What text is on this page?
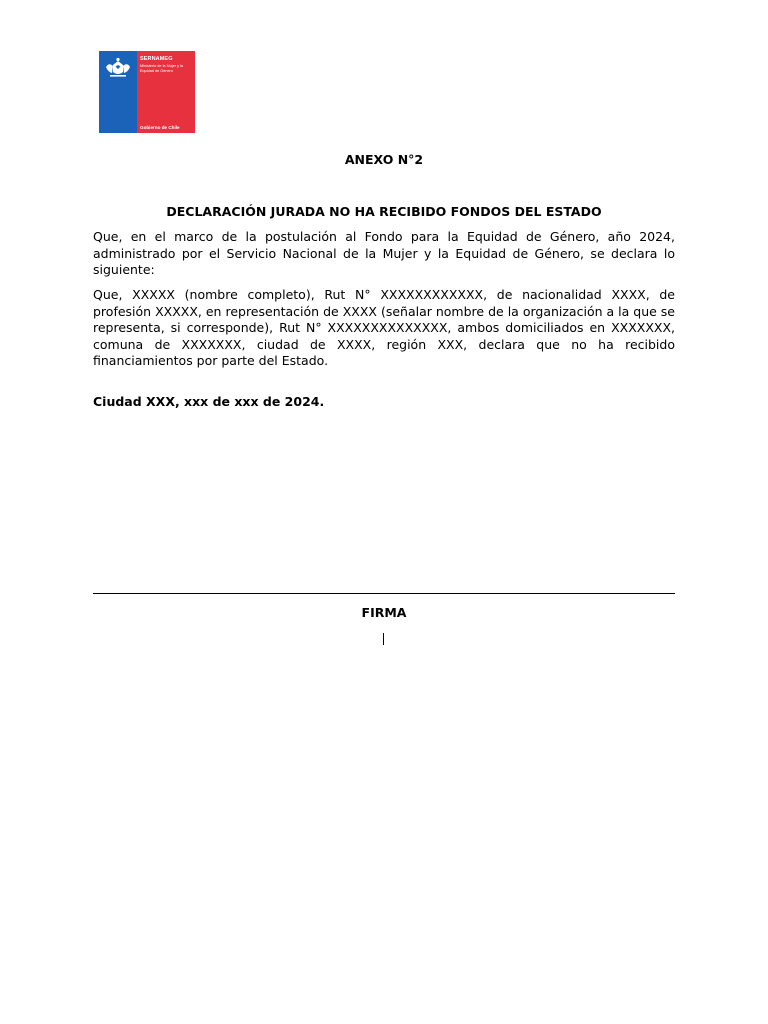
SERNAMEG
Ministerio de la Mujer y la Equidad de Género
Gobierno de Chile
ANEXO N°2
DECLARACIÓN JURADA NO HA RECIBIDO FONDOS DEL ESTADO
Que, en el marco de la postulación al Fondo para la Equidad de Género, año 2024, administrado por el Servicio Nacional de la Mujer y la Equidad de Género, se declara lo siguiente:
Que, XXXXX (nombre completo), Rut N° XXXXXXXXXXXX, de nacionalidad XXXX, de profesión XXXXX, en representación de XXXX (señalar nombre de la organización a la que se representa, si corresponde), Rut N° XXXXXXXXXXXXXX, ambos domiciliados en XXXXXXX, comuna de XXXXXXX, ciudad de XXXX, región XXX, declara que no ha recibido financiamientos por parte del Estado.
Ciudad XXX, xxx de xxx de 2024.
FIRMA
